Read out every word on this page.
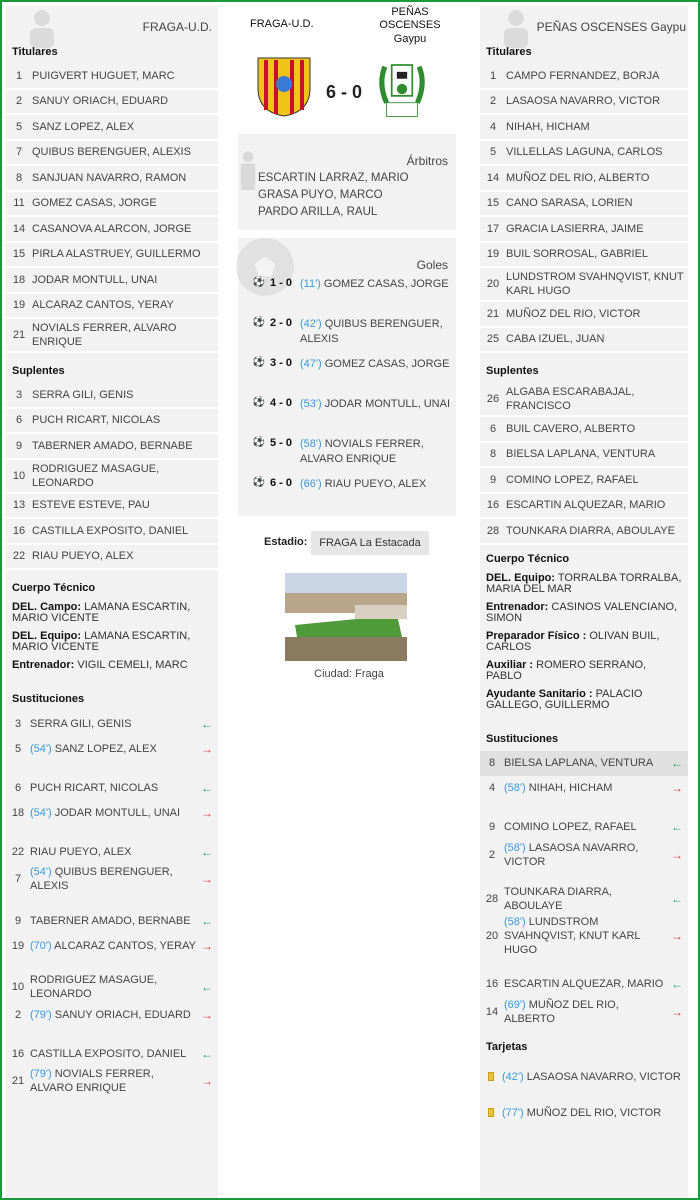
FRAGA-U.D.
Titulares
1 PUIGVERT HUGUET, MARC
2 SANUY ORIACH, EDUARD
5 SANZ LOPEZ, ALEX
7 QUIBUS BERENGUER, ALEXIS
8 SANJUAN NAVARRO, RAMON
11 GOMEZ CASAS, JORGE
14 CASANOVA ALARCON, JORGE
15 PIRLA ALASTRUEY, GUILLERMO
18 JODAR MONTULL, UNAI
19 ALCARAZ CANTOS, YERAY
21
NOVIALS FERRER, ALVARO ENRIQUE
Suplentes
3 SERRA GILI, GENIS
6 PUCH RICART, NICOLAS
9 TABERNER AMADO, BERNABE
10
RODRIGUEZ MASAGUE, LEONARDO
13 ESTEVE ESTEVE, PAU
16 CASTILLA EXPOSITO, DANIEL
22 RIAU PUEYO, ALEX
Cuerpo Técnico
DEL. Campo: LAMANA ESCARTIN, MARIO VICENTE
DEL. Equipo: LAMANA ESCARTIN, MARIO VICENTE
Entrenador: VIGIL CEMELI, MARC
Sustituciones
3 SERRA GILI, GENIS	←
5 (54') SANZ LOPEZ, ALEX	→
6 PUCH RICART, NICOLAS	←
18 (54') JODAR MONTULL, UNAI	→
22 RIAU PUEYO, ALEX	←
7
(54') QUIBUS BERENGUER, ALEXIS	→
9 TABERNER AMADO, BERNABE ←
19 (70') ALCARAZ CANTOS, YERAY →
10
RODRIGUEZ MASAGUE, LEONARDO	←
2 (79') SANUY ORIACH, EDUARD →
16 CASTILLA EXPOSITO, DANIEL	←
21
(79') NOVIALS FERRER, ALVARO ENRIQUE	→
FRAGA-U.D.
PEÑAS OSCENSES
Gaypu
6 - 0
Árbitros
ESCARTIN LARRAZ, MARIO
GRASA PUYO, MARCO
PARDO ARILLA, RAUL
Goles
⚽ 1 - 0 (11') GOMEZ CASAS, JORGE
⚽ 2 - 0 (42') QUIBUS BERENGUER, ALEXIS
⚽ 3 - 0 (47') GOMEZ CASAS, JORGE
⚽ 4 - 0 (53') JODAR MONTULL, UNAI
⚽ 5 - 0 (58') NOVIALS FERRER, ALVARO ENRIQUE
⚽ 6 - 0 (66') RIAU PUEYO, ALEX
Estadio:	FRAGA La Estacada
Ciudad: Fraga
PEÑAS OSCENSES Gaypu
Titulares
1 CAMPO FERNANDEZ, BORJA
2 LASAOSA NAVARRO, VICTOR
4 NIHAH, HICHAM
5 VILLELLAS LAGUNA, CARLOS
14 MUÑOZ DEL RIO, ALBERTO
15 CANO SARASA, LORIEN
17 GRACIA LASIERRA, JAIME
19 BUIL SORROSAL, GABRIEL
20
LUNDSTROM SVAHNQVIST, KNUT KARL HUGO
21 MUÑOZ DEL RIO, VICTOR
25 CABA IZUEL, JUAN
Suplentes
26
ALGABA ESCARABAJAL, FRANCISCO
6 BUIL CAVERO, ALBERTO
8 BIELSA LAPLANA, VENTURA
9 COMINO LOPEZ, RAFAEL
16 ESCARTIN ALQUEZAR, MARIO
28 TOUNKARA DIARRA, ABOULAYE
Cuerpo Técnico
DEL. Equipo: TORRALBA TORRALBA, MARIA DEL MAR
Entrenador: CASINOS VALENCIANO, SIMON
Preparador Físico : OLIVAN BUIL, CARLOS
Auxiliar : ROMERO SERRANO, PABLO
Ayudante Sanitario : PALACIO GALLEGO, GUILLERMO
Sustituciones
8 BIELSA LAPLANA, VENTURA	←
4 (58') NIHAH, HICHAM	→
9 COMINO LOPEZ, RAFAEL	←
2
(58') LASAOSA NAVARRO, VICTOR	→
28
TOUNKARA DIARRA, ABOULAYE	←
20
(58') LUNDSTROM SVAHNQVIST, KNUT KARL HUGO
→
16 ESCARTIN ALQUEZAR, MARIO ←
14
(69') MUÑOZ DEL RIO, ALBERTO	→
Tarjetas
(42') LASAOSA NAVARRO, VICTOR
(77') MUÑOZ DEL RIO, VICTOR
